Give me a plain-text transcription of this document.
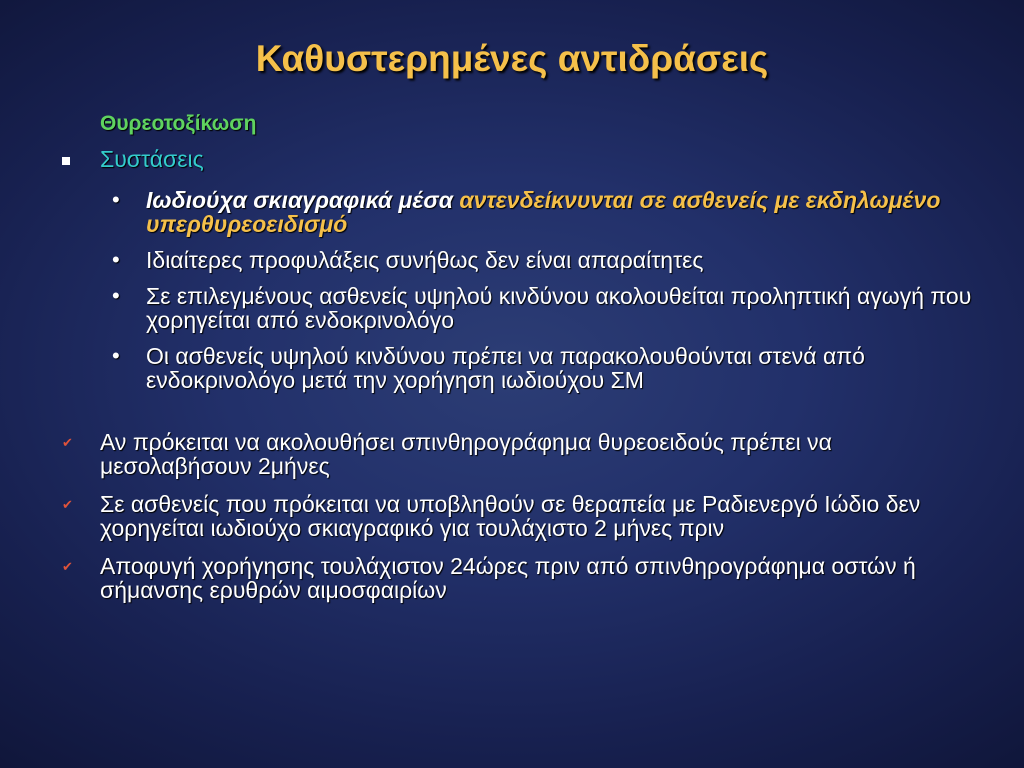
Καθυστερημένες αντιδράσεις
Θυρεοτοξίκωση
Συστάσεις
•	Ιωδιούχα σκιαγραφικά μέσα αντενδείκνυνται σε ασθενείς με εκδηλωμένο υπερθυρεοειδισμό
•	Ιδιαίτερες προφυλάξεις συνήθως δεν είναι απαραίτητες
•	Σε επιλεγμένους ασθενείς υψηλού κινδύνου ακολουθείται προληπτική αγωγή που χορηγείται από ενδοκρινολόγο
•	Οι ασθενείς υψηλού κινδύνου πρέπει να παρακολουθούνται στενά από ενδοκρινολόγο μετά την χορήγηση ιωδιούχου ΣΜ
✔	Αν πρόκειται να ακολουθήσει σπινθηρογράφημα θυρεοειδούς πρέπει να μεσολαβήσουν 2μήνες
✔	Σε ασθενείς που πρόκειται να υποβληθούν σε θεραπεία με Ραδιενεργό Ιώδιο δεν χορηγείται ιωδιούχο σκιαγραφικό για τουλάχιστο 2 μήνες πριν
✔	Αποφυγή χορήγησης τουλάχιστον 24ώρες πριν από σπινθηρογράφημα οστών ή σήμανσης ερυθρών αιμοσφαιρίων
